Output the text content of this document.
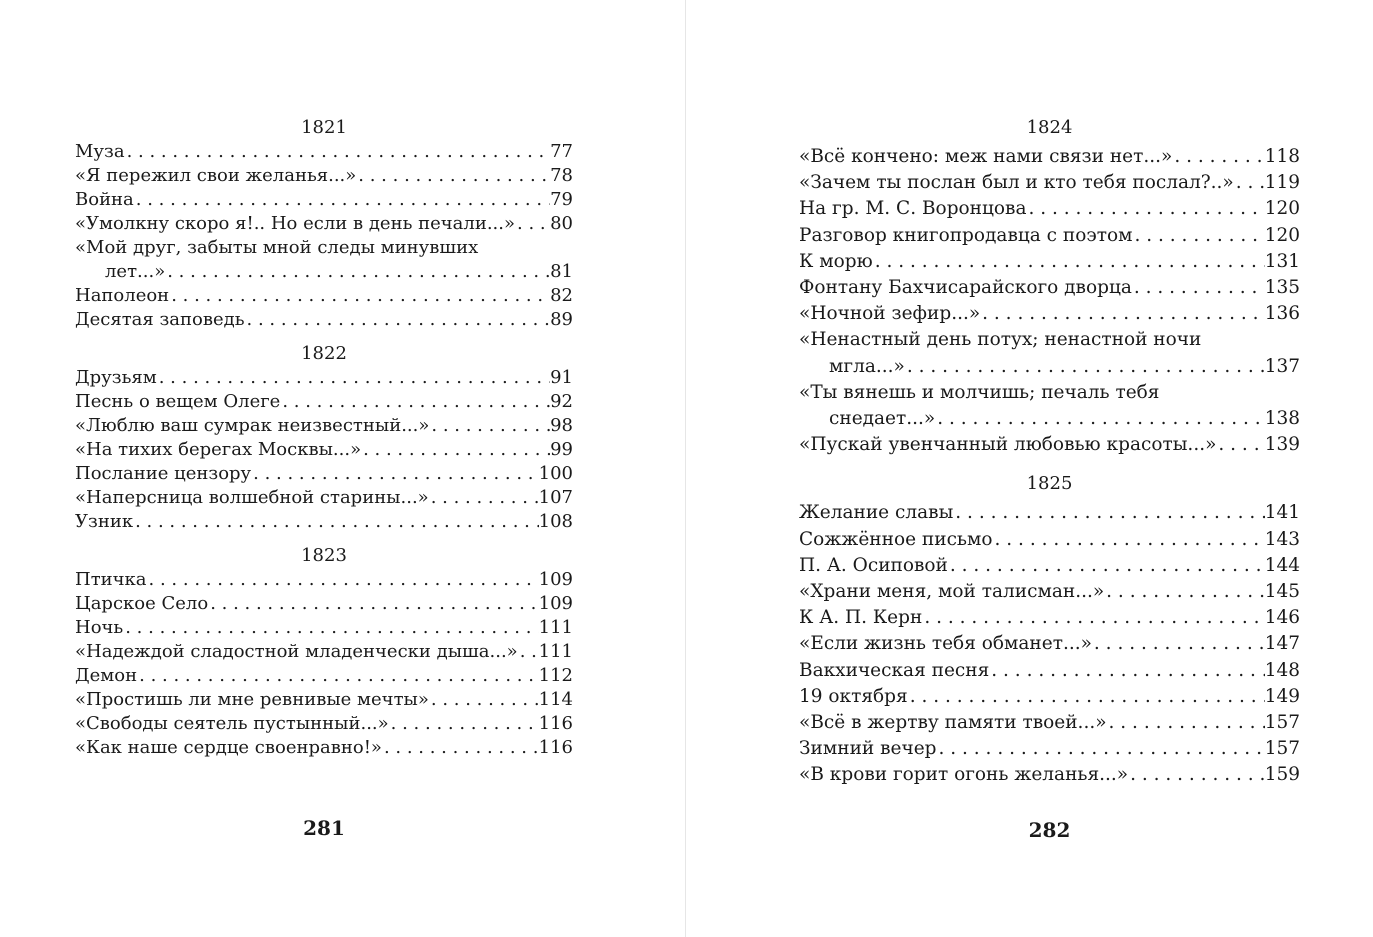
1821
Муза . . .	77
«Я пережил свои желанья...» . . .	78
Война . . .	79
«Умолкну скоро я!.. Но если в день печали...» . . . 80
«Мой друг, забыты мной следы минувших
лет...» . . .	81
Наполеон . . .	82
Десятая заповедь . . .	89
1822
Друзьям . . .	91
Песнь о вещем Олеге . . .	92
«Люблю ваш сумрак неизвестный...» . . .	98
«На тихих берегах Москвы...» . . .	99
Послание цензору . . .	100
«Наперсница волшебной старины...» . . .	107
Узник . . .	108
1823
Птичка . . .	109
Царское Село . . .	109
Ночь . . .	111
«Надеждой сладостной младенчески дыша...» . . . 111
Демон . . .	112
«Простишь ли мне ревнивые мечты» . . .	114
«Свободы сеятель пустынный...» . . .	116
«Как наше сердце своенравно!» . . .	116
281
1824
«Всё кончено: меж нами связи нет...» . . .	118
«Зачем ты послан был и кто тебя послал?..» . . . 119
На гр. М. С. Воронцова . . .	120
Разговор книгопродавца с поэтом . . .	120
К морю . . .	131
Фонтану Бахчисарайского дворца . . .	135
«Ночной зефир...» . . .	136
«Ненастный день потух; ненастной ночи
мгла...» . . .	137
«Ты вянешь и молчишь; печаль тебя
снедает...» . . .	138
«Пускай увенчанный любовью красоты...» . . .	139
1825
Желание славы . . .	141
Сожжённое письмо . . .	143
П. А. Осиповой . . .	144
«Храни меня, мой талисман...» . . .	145
К А. П. Керн . . .	146
«Если жизнь тебя обманет...» . . .	147
Вакхическая песня . . .	148
19 октября . . .	149
«Всё в жертву памяти твоей...» . . .	157
Зимний вечер . . .	157
«В крови горит огонь желанья...» . . .	159
282
